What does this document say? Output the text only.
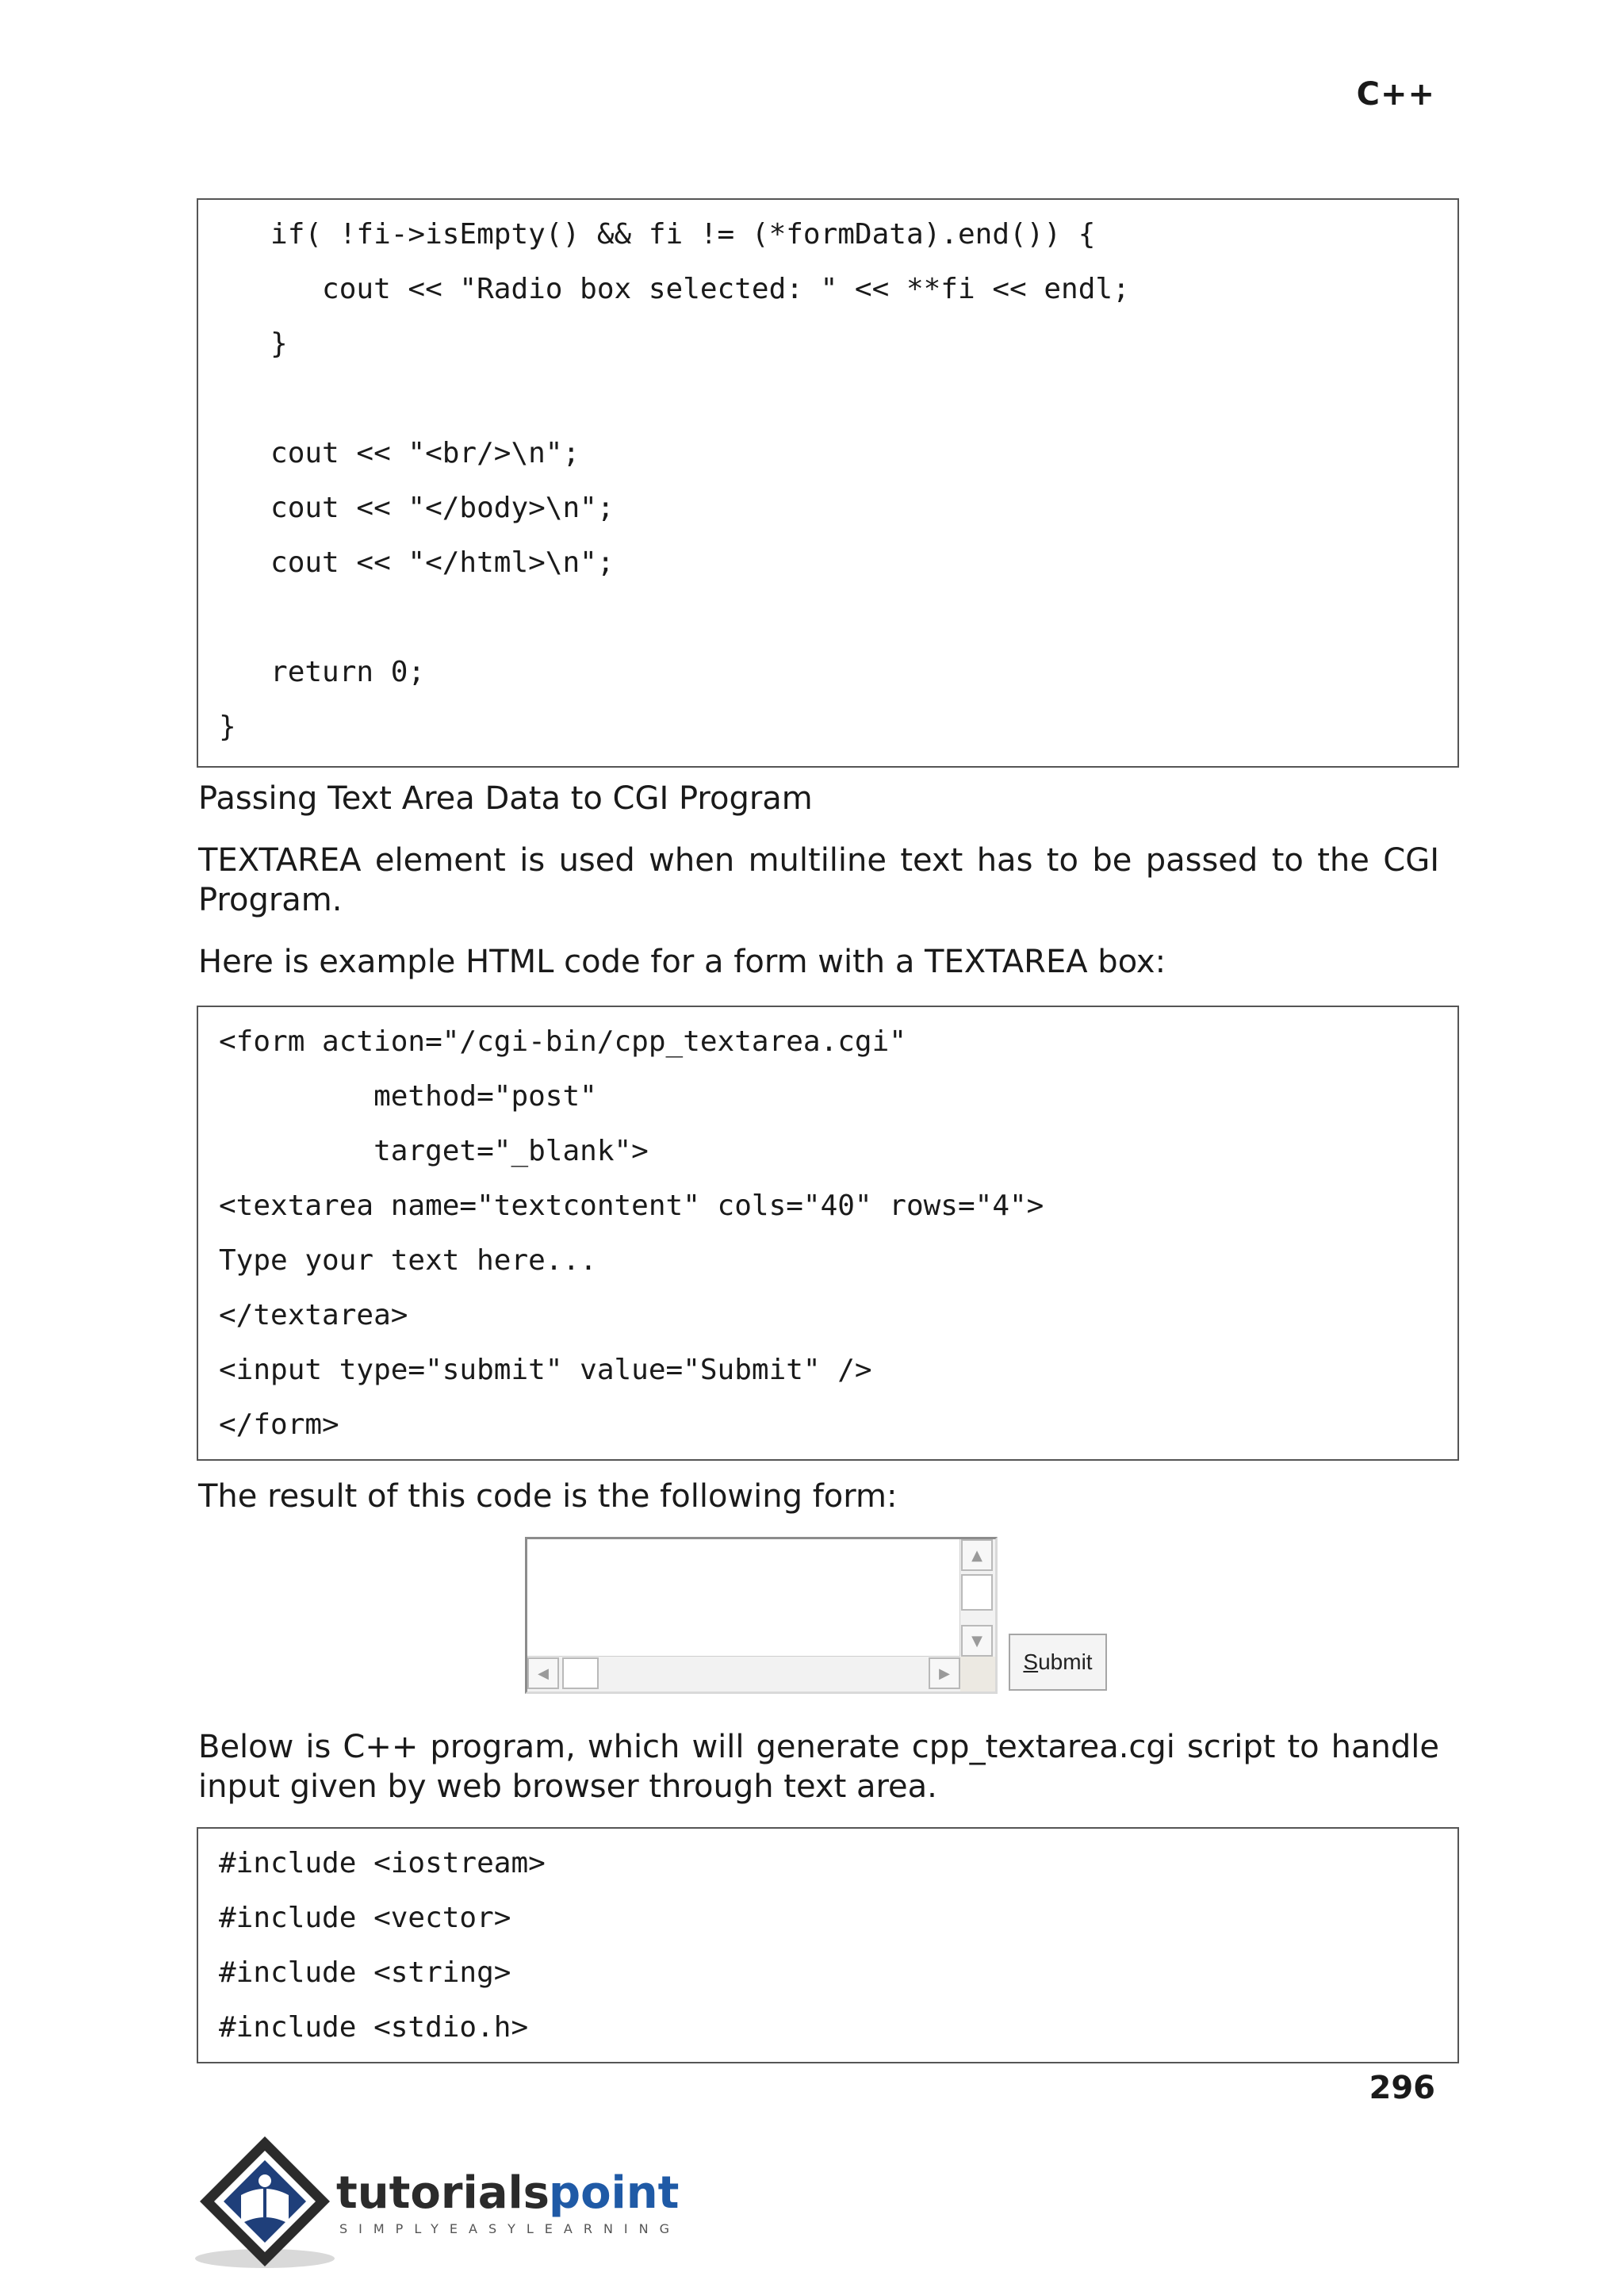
C++
if( !fi->isEmpty() && fi != (*formData).end()) {
cout << "Radio box selected: " << **fi << endl;
}
cout << "<br/>\n";
cout << "</body>\n";
cout << "</html>\n";
return 0;
}
Passing Text Area Data to CGI Program
TEXTAREA element is used when multiline text has to be passed to the CGI Program.
Here is example HTML code for a form with a TEXTAREA box:
<form action="/cgi-bin/cpp_textarea.cgi"
method="post"
target="_blank">
<textarea name="textcontent" cols="40" rows="4">
Type your text here...
</textarea>
<input type="submit" value="Submit" />
</form>
The result of this code is the following form:
▲
▼
◀	▶	S ubmit
Below is C++ program, which will generate cpp_textarea.cgi script to handle input given by web browser through text area.
#include <iostream>
#include <vector>
#include <string>
#include <stdio.h>
296
tutorials
point
SIMPLYEASYLEARNING
